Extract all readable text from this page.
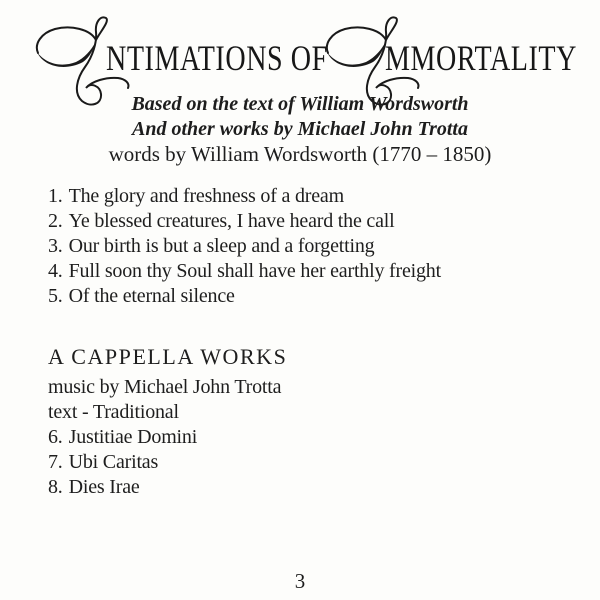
NTIMATIONS OF MMORTALITY
Based on the text of William Wordsworth
And other works by Michael John Trotta
words by William Wordsworth (1770 – 1850)
1. The glory and freshness of a dream
2. Ye blessed creatures, I have heard the call
3. Our birth is but a sleep and a forgetting
4. Full soon thy Soul shall have her earthly freight
5. Of the eternal silence
A CAPPELLA WORKS
music by Michael John Trotta
text - Traditional
6. Justitiae Domini
7. Ubi Caritas
8. Dies Irae
3
